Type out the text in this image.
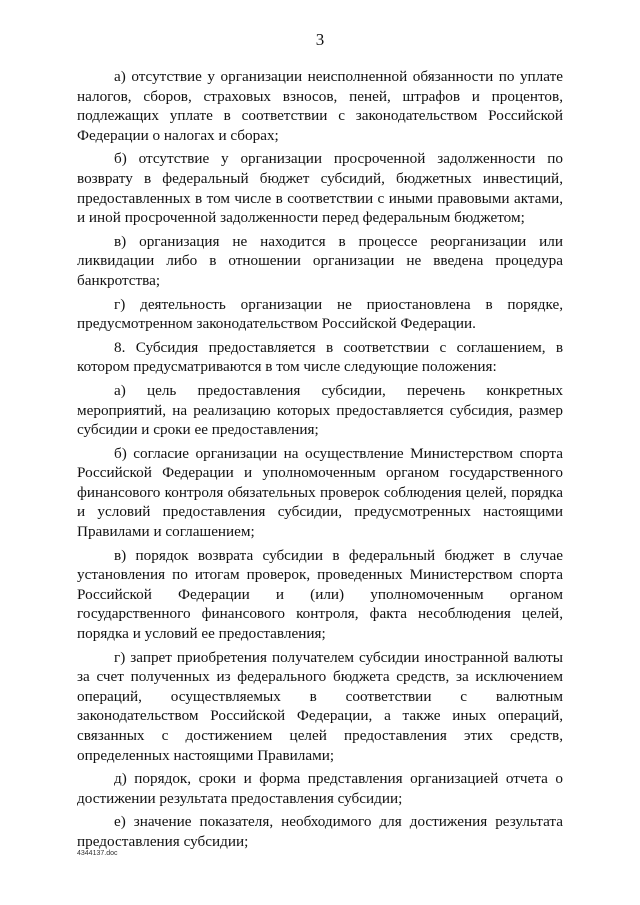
3

а) отсутствие у организации неисполненной обязанности по уплате налогов, сборов, страховых взносов, пеней, штрафов и процентов, подлежащих уплате в соответствии с законодательством Российской Федерации о налогах и сборах;

б) отсутствие у организации просроченной задолженности по возврату в федеральный бюджет субсидий, бюджетных инвестиций, предоставленных в том числе в соответствии с иными правовыми актами, и иной просроченной задолженности перед федеральным бюджетом;

в) организация не находится в процессе реорганизации или ликвидации либо в отношении организации не введена процедура банкротства;

г) деятельность организации не приостановлена в порядке, предусмотренном законодательством Российской Федерации.

8. Субсидия предоставляется в соответствии с соглашением, в котором предусматриваются в том числе следующие положения:

а) цель предоставления субсидии, перечень конкретных мероприятий, на реализацию которых предоставляется субсидия, размер субсидии и сроки ее предоставления;

б) согласие организации на осуществление Министерством спорта Российской Федерации и уполномоченным органом государственного финансового контроля обязательных проверок соблюдения целей, порядка и условий предоставления субсидии, предусмотренных настоящими Правилами и соглашением;

в) порядок возврата субсидии в федеральный бюджет в случае установления по итогам проверок, проведенных Министерством спорта Российской Федерации и (или) уполномоченным органом государственного финансового контроля, факта несоблюдения целей, порядка и условий ее предоставления;

г) запрет приобретения получателем субсидии иностранной валюты за счет полученных из федерального бюджета средств, за исключением операций, осуществляемых в соответствии с валютным законодательством Российской Федерации, а также иных операций, связанных с достижением целей предоставления этих средств, определенных настоящими Правилами;

д) порядок, сроки и форма представления организацией отчета о достижении результата предоставления субсидии;

е) значение показателя, необходимого для достижения результата предоставления субсидии;

4344137.doc
